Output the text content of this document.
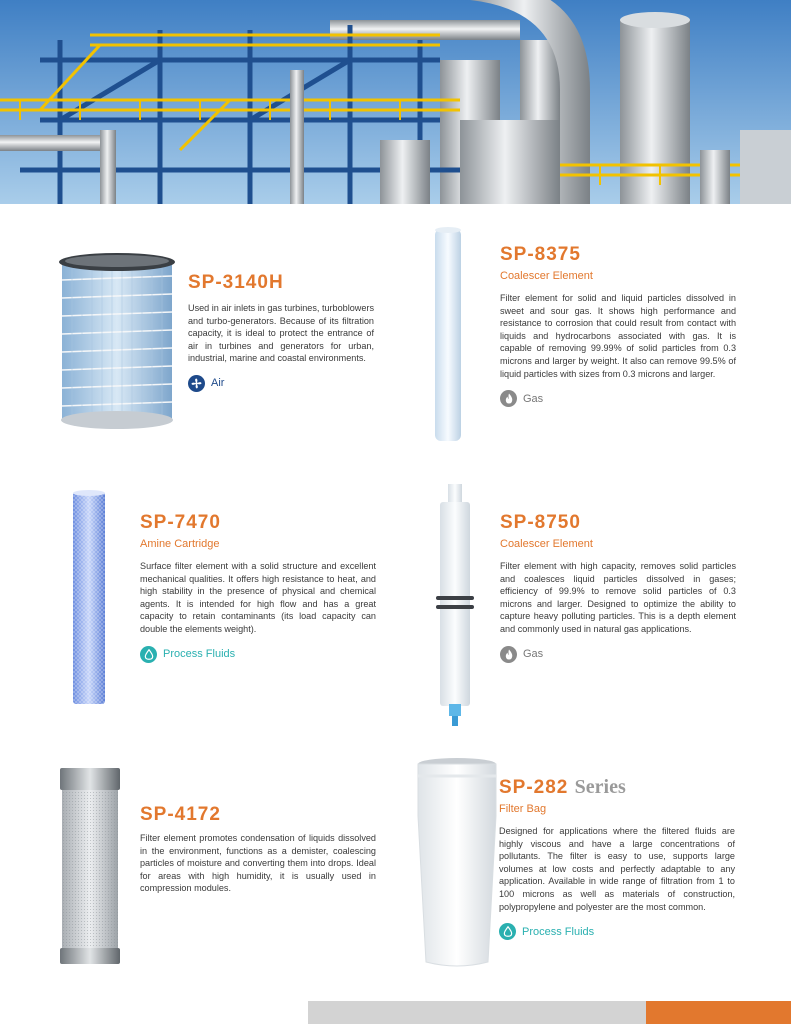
SP-3140H
Used in air inlets in gas turbines, turboblowers and turbo-generators. Because of its filtration capacity, it is ideal to protect the entrance of air in turbines and generators for urban, industrial, marine and coastal environments.
Air
SP-8375
Coalescer Element
Filter element for solid and liquid particles dissolved in sweet and sour gas. It shows high performance and resistance to corrosion that could result from contact with liquids and hydrocarbons associated with gas. It is capable of removing 99.99% of solid particles from 0.3 microns and larger by weight. It also can remove 99.5% of liquid particles with sizes from 0.3 microns and larger.
Gas
SP-7470
Amine Cartridge
Surface filter element with a solid structure and excellent mechanical qualities. It offers high resistance to heat, and high stability in the presence of physical and chemical agents. It is intended for high flow and has a great capacity to retain contaminants (its load capacity can double the elements weight).
Process Fluids
SP-8750
Coalescer Element
Filter element with high capacity, removes solid particles and coalesces liquid particles dissolved in gases; efficiency of 99.9% to remove solid particles of 0.3 microns and larger. Designed to optimize the ability to capture heavy polluting particles. This is a depth element and commonly used in natural gas applications.
Gas
SP-4172
Filter element promotes condensation of liquids dissolved in the environment, functions as a demister, coalescing particles of moisture and converting them into drops. Ideal for areas with high humidity, it is usually used in compression modules.
SP-282 Series
Filter Bag
Designed for applications where the filtered fluids are highly viscous and have a large concentrations of pollutants. The filter is easy to use, supports large volumes at low costs and perfectly adaptable to any application. Available in wide range of filtration from 1 to 100 microns as well as materials of construction, polypropylene and polyester are the most common.
Process Fluids
